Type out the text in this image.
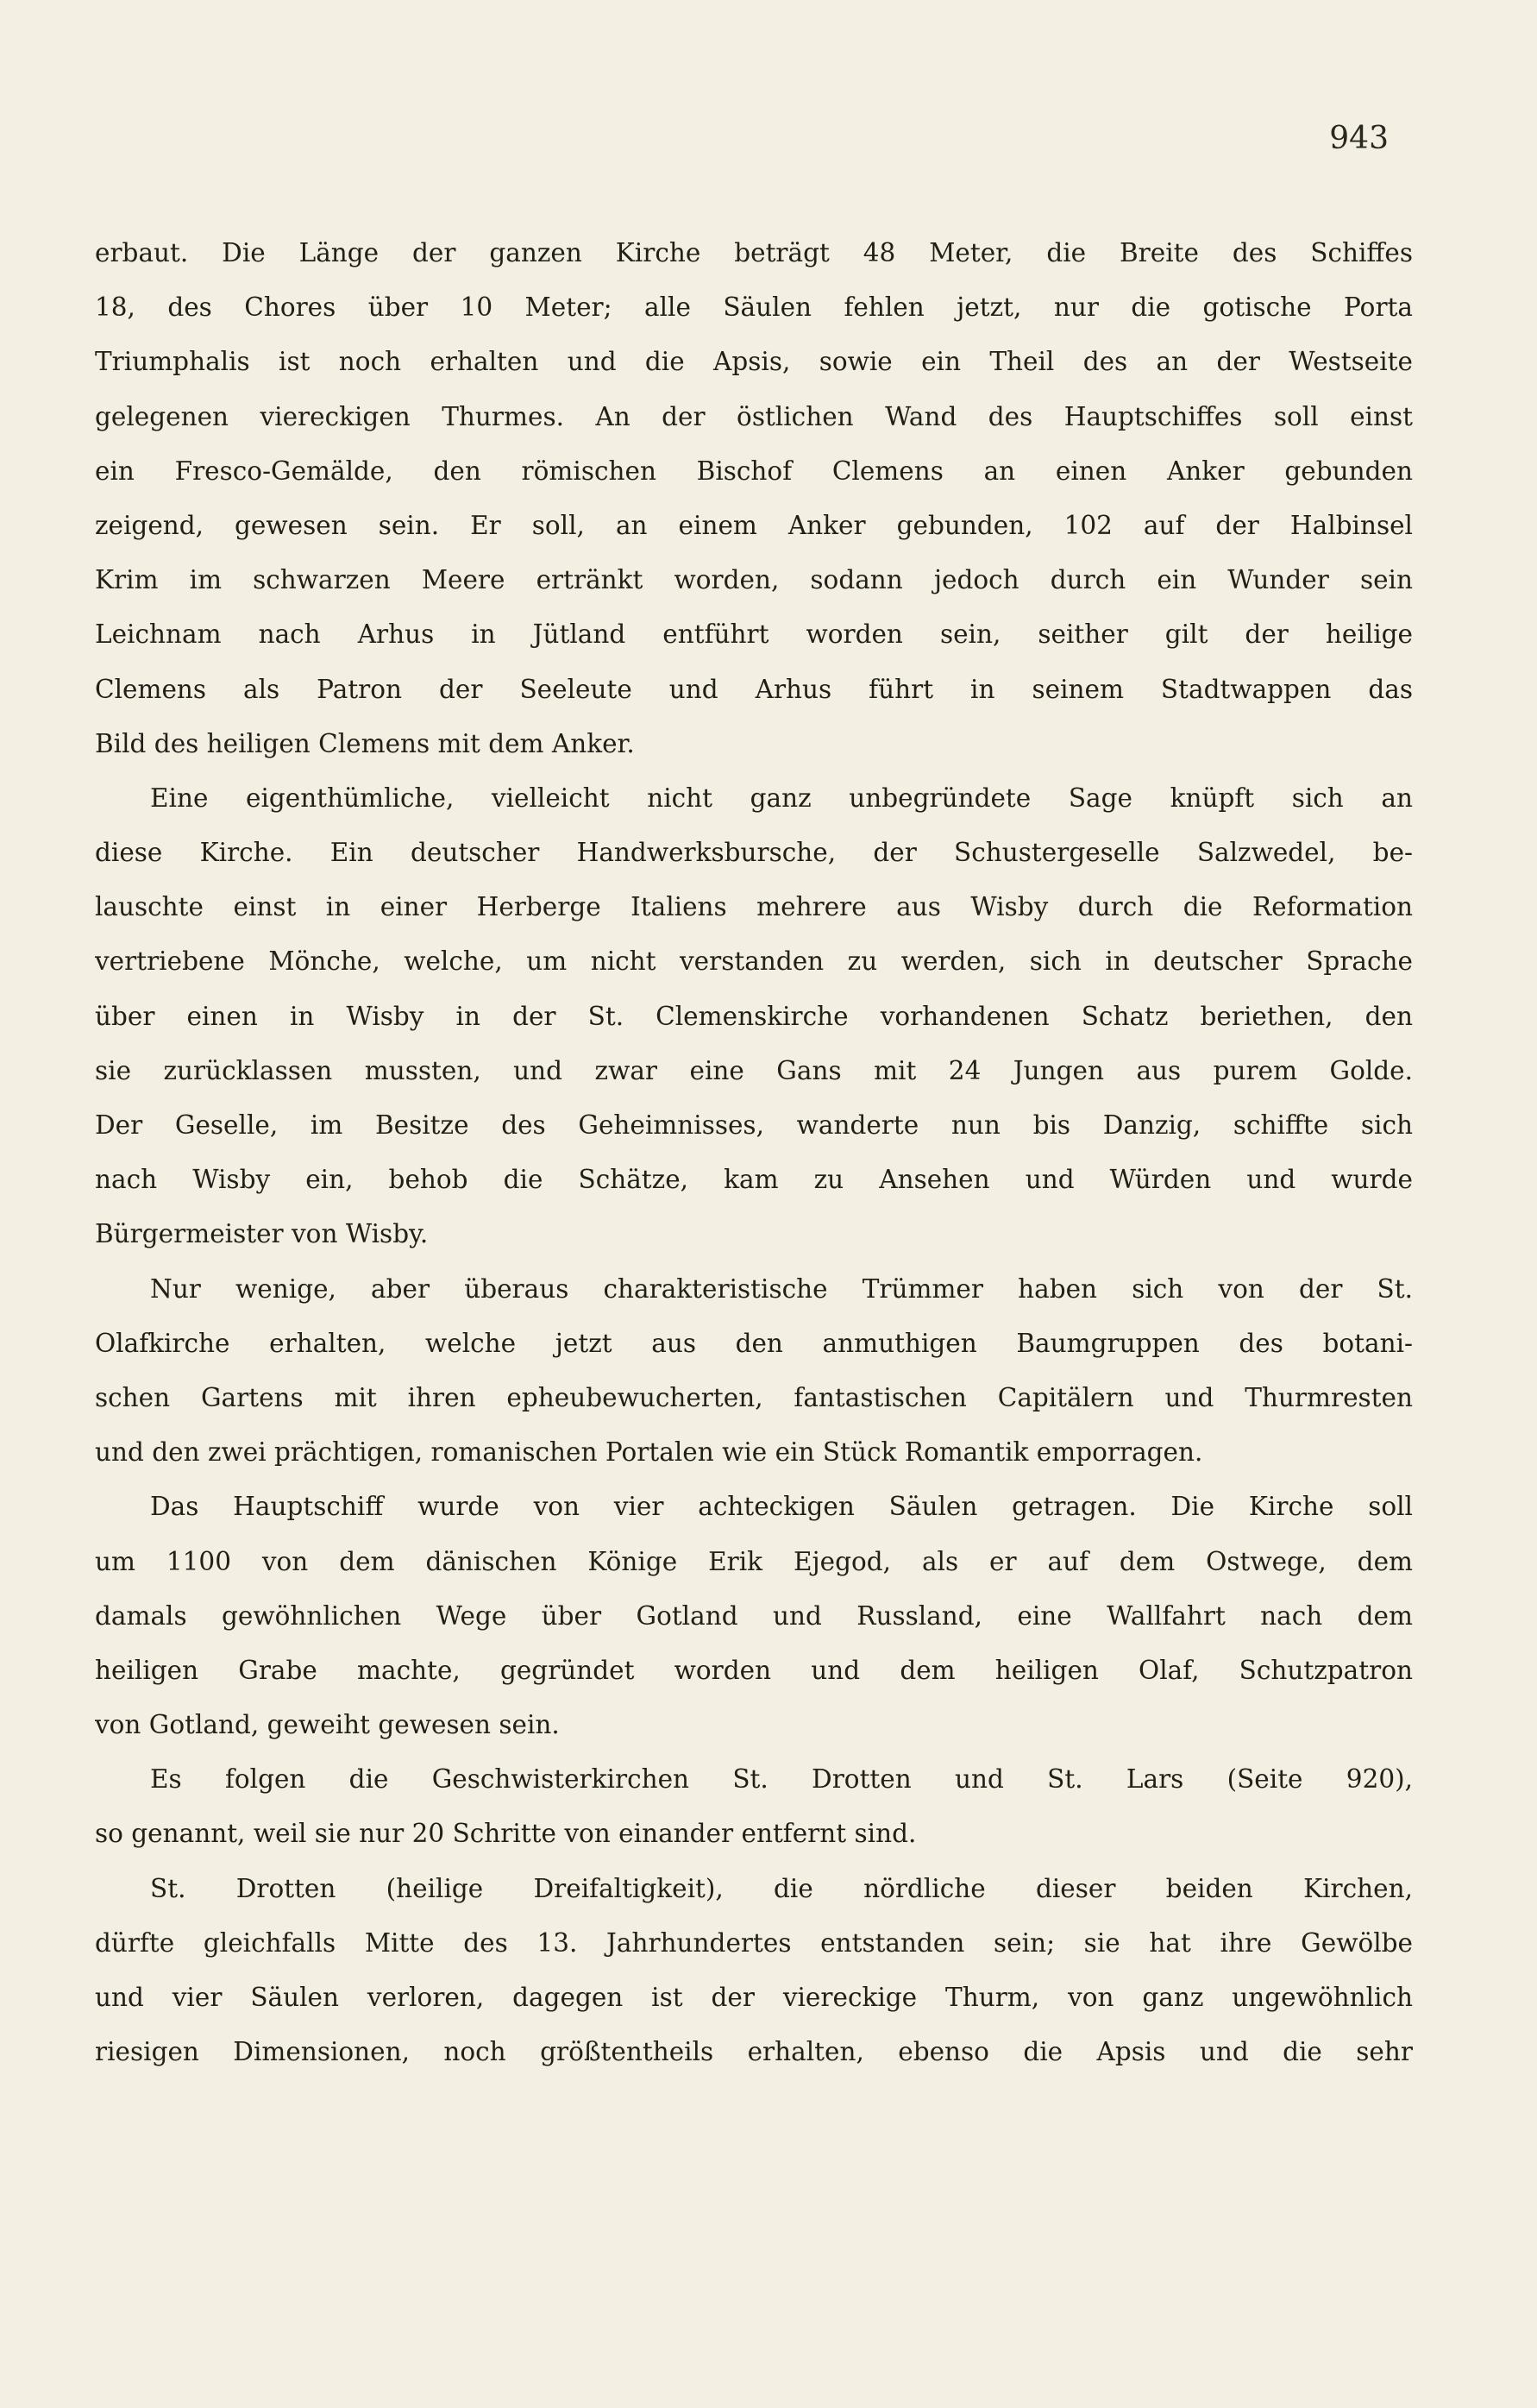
943
erbaut. Die Länge der ganzen Kirche beträgt 48 Meter, die Breite des Schiffes
18, des Chores über 10 Meter; alle Säulen fehlen jetzt, nur die gotische Porta
Triumphalis ist noch erhalten und die Apsis, sowie ein Theil des an der Westseite
gelegenen viereckigen Thurmes. An der östlichen Wand des Hauptschiffes soll einst
ein Fresco-Gemälde, den römischen Bischof Clemens an einen Anker gebunden
zeigend, gewesen sein. Er soll, an einem Anker gebunden, 102 auf der Halbinsel
Krim im schwarzen Meere ertränkt worden, sodann jedoch durch ein Wunder sein
Leichnam nach Arhus in Jütland entführt worden sein, seither gilt der heilige
Clemens als Patron der Seeleute und Arhus führt in seinem Stadtwappen das
Bild des heiligen Clemens mit dem Anker.
Eine eigenthümliche, vielleicht nicht ganz unbegründete Sage knüpft sich an
diese Kirche. Ein deutscher Handwerksbursche, der Schustergeselle Salzwedel, be-
lauschte einst in einer Herberge Italiens mehrere aus Wisby durch die Reformation
vertriebene Mönche, welche, um nicht verstanden zu werden, sich in deutscher Sprache
über einen in Wisby in der St. Clemenskirche vorhandenen Schatz beriethen, den
sie zurücklassen mussten, und zwar eine Gans mit 24 Jungen aus purem Golde.
Der Geselle, im Besitze des Geheimnisses, wanderte nun bis Danzig, schiffte sich
nach Wisby ein, behob die Schätze, kam zu Ansehen und Würden und wurde
Bürgermeister von Wisby.
Nur wenige, aber überaus charakteristische Trümmer haben sich von der St.
Olafkirche erhalten, welche jetzt aus den anmuthigen Baumgruppen des botani-
schen Gartens mit ihren epheubewucherten, fantastischen Capitälern und Thurmresten
und den zwei prächtigen, romanischen Portalen wie ein Stück Romantik emporragen.
Das Hauptschiff wurde von vier achteckigen Säulen getragen. Die Kirche soll
um 1100 von dem dänischen Könige Erik Ejegod, als er auf dem Ostwege, dem
damals gewöhnlichen Wege über Gotland und Russland, eine Wallfahrt nach dem
heiligen Grabe machte, gegründet worden und dem heiligen Olaf, Schutzpatron
von Gotland, geweiht gewesen sein.
Es folgen die Geschwisterkirchen St. Drotten und St. Lars (Seite 920),
so genannt, weil sie nur 20 Schritte von einander entfernt sind.
St. Drotten (heilige Dreifaltigkeit), die nördliche dieser beiden Kirchen,
dürfte gleichfalls Mitte des 13. Jahrhundertes entstanden sein; sie hat ihre Gewölbe
und vier Säulen verloren, dagegen ist der viereckige Thurm, von ganz ungewöhnlich
riesigen Dimensionen, noch größtentheils erhalten, ebenso die Apsis und die sehr
